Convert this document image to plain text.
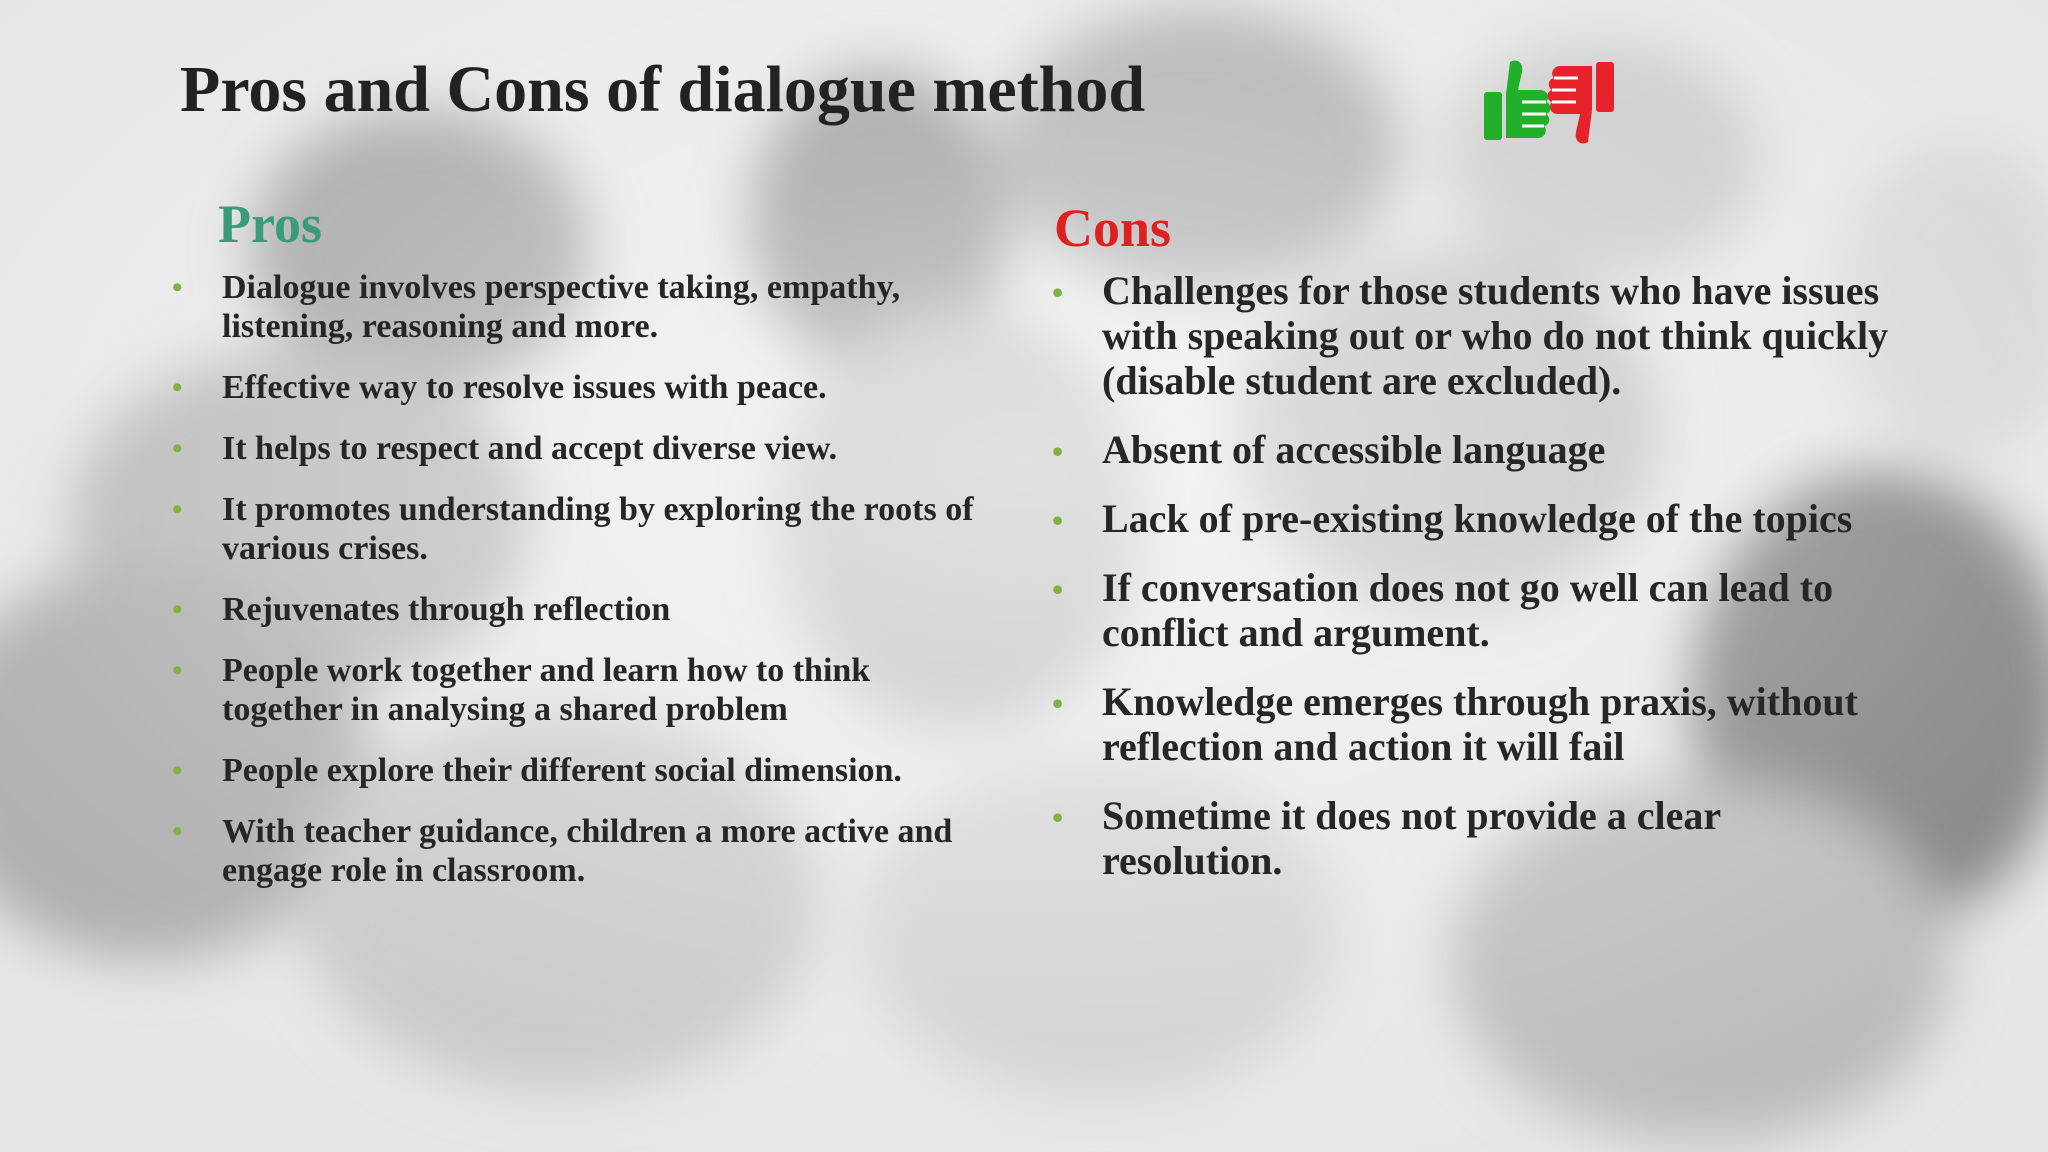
Pros and Cons of dialogue method
Pros
• Dialogue involves perspective taking, empathy, listening, reasoning and more.
• Effective way to resolve issues with peace.
• It helps to respect and accept diverse view.
• It promotes understanding by exploring the roots of various crises.
• Rejuvenates through reflection
• People work together and learn how to think together in analysing a shared problem
• People explore their different social dimension.
• With teacher guidance, children a more active and engage role in classroom.
Cons
• Challenges for those students who have issues with speaking out or who do not think quickly (disable student are excluded).
• Absent of accessible language
• Lack of pre-existing knowledge of the topics
• If conversation does not go well can lead to conflict and argument.
• Knowledge emerges through praxis, without reflection and action it will fail
• Sometime it does not provide a clear resolution.
